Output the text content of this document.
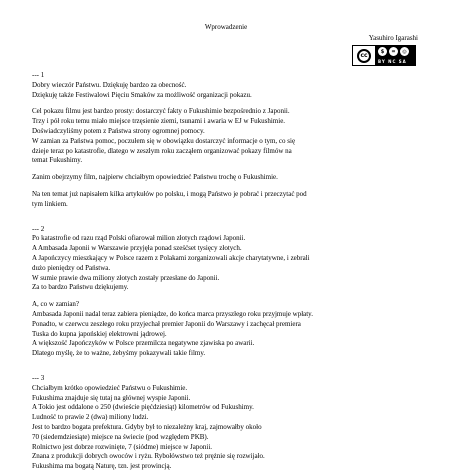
Wprowadzenie
Yasuhiro Igarashi
cc
$	=	◎
BY NC SA
--- 1
Dobry wieczór Państwu. Dziękuję bardzo za obecność.
Dziękuję także Festiwalowi Pięciu Smaków za możliwość organizacji pokazu.
Cel pokazu filmu jest bardzo prosty: dostarczyć fakty o Fukushimie bezpośrednio z Japonii.
Trzy i pół roku temu miało miejsce trzęsienie ziemi, tsunami i awaria w EJ w Fukushimie.
Doświadczyliśmy potem z Państwa strony ogromnej pomocy.
W zamian za Państwa pomoc, poczułem się w obowiązku dostarczyć informacje o tym, co się
dzieje teraz po katastrofie, dlatego w zeszłym roku zacząłem organizować pokazy filmów na
temat Fukushimy.
Zanim obejrzymy film, najpierw chciałbym opowiedzieć Państwu trochę o Fukushimie.
Na ten temat już napisałem kilka artykułów po polsku, i mogą Państwo je pobrać i przeczytać pod
tym linkiem.
--- 2
Po katastrofie od razu rząd Polski ofiarował milion złotych rządowi Japonii.
A Ambasada Japonii w Warszawie przyjęła ponad sześćset tysięcy złotych.
A Japończycy mieszkający w Polsce razem z Polakami zorganizowali akcje charytatywne, i zebrali
dużo pieniędzy od Państwa.
W sumie prawie dwa miliony złotych zostały przesłane do Japonii.
Za to bardzo Państwu dziękujemy.
A, co w zamian?
Ambasada Japonii nadal teraz zabiera pieniądze, do końca marca przyszłego roku przyjmuje wpłaty.
Ponadto, w czerwcu zeszłego roku przyjechał premier Japonii do Warszawy i zachęcał premiera
Tuska do kupna japońskiej elektrowni jądrowej.
A większość Japończyków w Polsce przemilcza negatywne zjawiska po awarii.
Dlatego myślę, że to ważne, żebyśmy pokazywali takie filmy.
--- 3
Chciałbym krótko opowiedzieć Państwu o Fukushimie.
Fukushima znajduje się tutaj na głównej wyspie Japonii.
A Tokio jest oddalone o 250 (dwieście pięćdziesiąt) kilometrów od Fukushimy.
Ludność to prawie 2 (dwa) miliony ludzi.
Jest to bardzo bogata prefektura. Gdyby był to niezależny kraj, zajmowałby około
70 (siedemdziesiąte) miejsce na świecie (pod względem PKB).
Rolnictwo jest dobrze rozwinięte, 7 (siódme) miejsce w Japonii.
Znana z produkcji dobrych owoców i ryżu. Rybołówstwo też prężnie się rozwijało.
Fukushima ma bogatą Naturę, tzn. jest prowincją.
